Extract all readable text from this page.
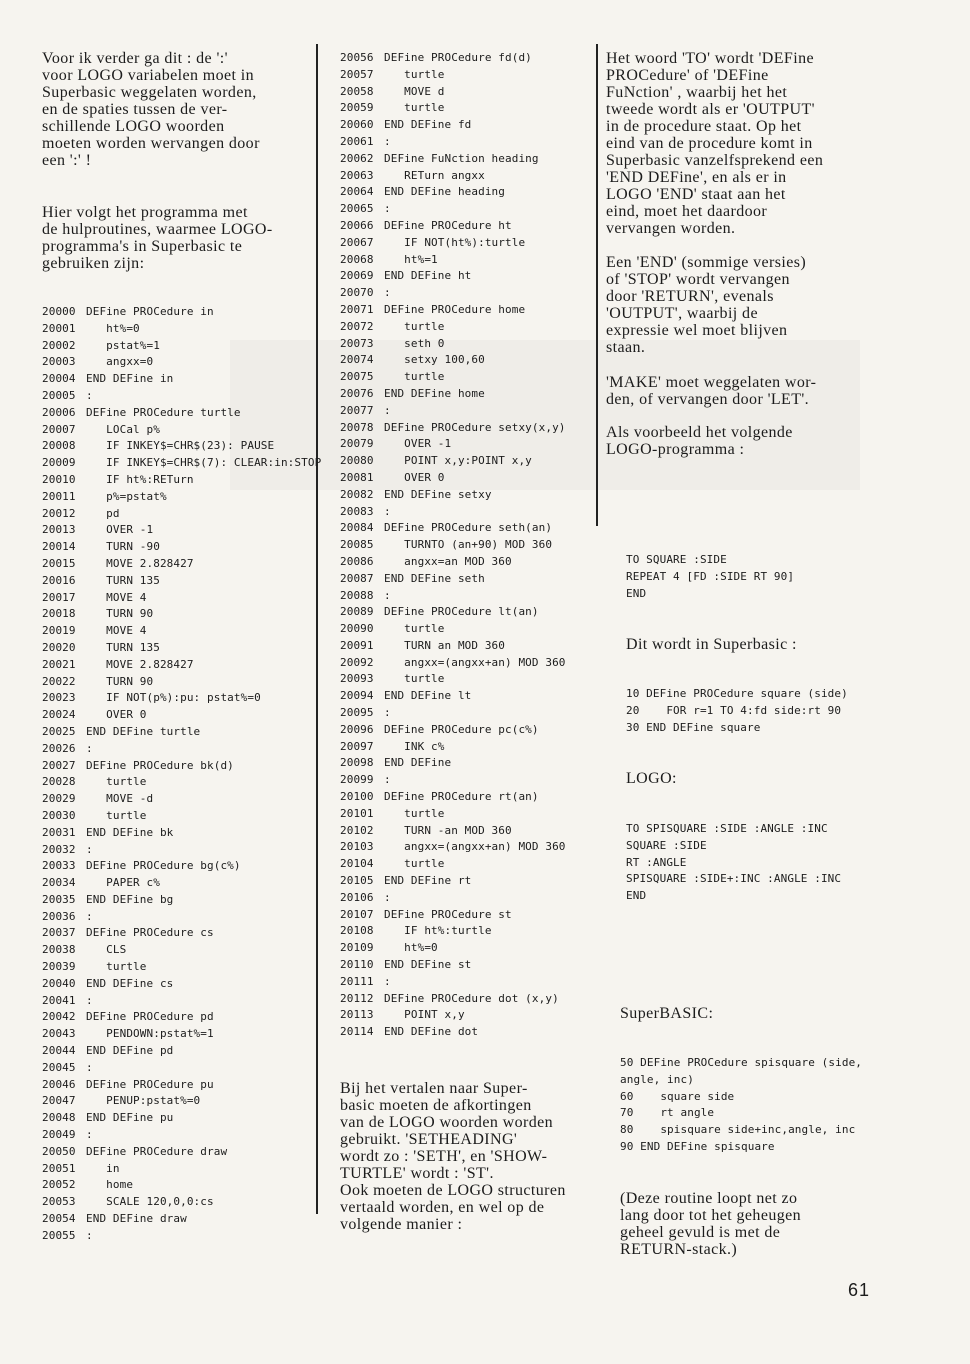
Voor ik verder ga dit : de ':'
voor LOGO variabelen moet in
Superbasic weggelaten worden,
en de spaties tussen de ver-
schillende LOGO woorden
moeten worden wervangen door
een ':' !
Hier volgt het programma met
de hulproutines, waarmee LOGO-
programma's in Superbasic te
gebruiken zijn:
20000 DEFine PROCedure in
20001   ht%=0
20002   pstat%=1
20003   angxx=0
20004 END DEFine in
20005 :
20006 DEFine PROCedure turtle
20007   LOCal p%
20008   IF INKEY$=CHR$(23): PAUSE
20009   IF INKEY$=CHR$(7): CLEAR:in:STOP
20010   IF ht%:RETurn
20011   p%=pstat%
20012   pd
20013   OVER -1
20014   TURN -90
20015   MOVE 2.828427
20016   TURN 135
20017   MOVE 4
20018   TURN 90
20019   MOVE 4
20020   TURN 135
20021   MOVE 2.828427
20022   TURN 90
20023   IF NOT(p%):pu: pstat%=0
20024   OVER 0
20025 END DEFine turtle
20026 :
20027 DEFine PROCedure bk(d)
20028   turtle
20029   MOVE -d
20030   turtle
20031 END DEFine bk
20032 :
20033 DEFine PROCedure bg(c%)
20034   PAPER c%
20035 END DEFine bg
20036 :
20037 DEFine PROCedure cs
20038   CLS
20039   turtle
20040 END DEFine cs
20041 :
20042 DEFine PROCedure pd
20043   PENDOWN:pstat%=1
20044 END DEFine pd
20045 :
20046 DEFine PROCedure pu
20047   PENUP:pstat%=0
20048 END DEFine pu
20049 :
20050 DEFine PROCedure draw
20051   in
20052   home
20053   SCALE 120,0,0:cs
20054 END DEFine draw
20055 :
20056 DEFine PROCedure fd(d)
20057   turtle
20058   MOVE d
20059   turtle
20060 END DEFine fd
20061 :
20062 DEFine FuNction heading
20063   RETurn angxx
20064 END DEFine heading
20065 :
20066 DEFine PROCedure ht
20067   IF NOT(ht%):turtle
20068   ht%=1
20069 END DEFine ht
20070 :
20071 DEFine PROCedure home
20072   turtle
20073   seth 0
20074   setxy 100,60
20075   turtle
20076 END DEFine home
20077 :
20078 DEFine PROCedure setxy(x,y)
20079   OVER -1
20080   POINT x,y:POINT x,y
20081   OVER 0
20082 END DEFine setxy
20083 :
20084 DEFine PROCedure seth(an)
20085   TURNTO (an+90) MOD 360
20086   angxx=an MOD 360
20087 END DEFine seth
20088 :
20089 DEFine PROCedure lt(an)
20090   turtle
20091   TURN an MOD 360
20092   angxx=(angxx+an) MOD 360
20093   turtle
20094 END DEFine lt
20095 :
20096 DEFine PROCedure pc(c%)
20097   INK c%
20098 END DEFine
20099 :
20100 DEFine PROCedure rt(an)
20101   turtle
20102   TURN -an MOD 360
20103   angxx=(angxx+an) MOD 360
20104   turtle
20105 END DEFine rt
20106 :
20107 DEFine PROCedure st
20108   IF ht%:turtle
20109   ht%=0
20110 END DEFine st
20111 :
20112 DEFine PROCedure dot (x,y)
20113   POINT x,y
20114 END DEFine dot
Bij het vertalen naar Super-
basic moeten de afkortingen
van de LOGO woorden worden
gebruikt. 'SETHEADING'
wordt zo : 'SETH', en 'SHOW-
TURTLE' wordt : 'ST'.
Ook moeten de LOGO structuren
vertaald worden, en wel op de
volgende manier :
Het woord 'TO' wordt 'DEFine
PROCedure' of 'DEFine
FuNction' , waarbij het het
tweede wordt als er 'OUTPUT'
in de procedure staat. Op het
eind van de procedure komt in
Superbasic vanzelfsprekend een
'END DEFine', en als er in
LOGO 'END' staat aan het
eind, moet het daardoor
vervangen worden.
Een 'END' (sommige versies)
of 'STOP' wordt vervangen
door 'RETURN', evenals
'OUTPUT', waarbij de
expressie wel moet blijven
staan.
'MAKE' moet weggelaten wor-
den, of vervangen door 'LET'.
Als voorbeeld het volgende
LOGO-programma :
TO SQUARE :SIDE
REPEAT 4 [FD :SIDE RT 90]
END
Dit wordt in Superbasic :
10 DEFine PROCedure square (side)
20    FOR r=1 TO 4:fd side:rt 90
30 END DEFine square
LOGO:
TO SPISQUARE :SIDE :ANGLE :INC
SQUARE :SIDE
RT :ANGLE
SPISQUARE :SIDE+:INC :ANGLE :INC
END
SuperBASIC:
50 DEFine PROCedure spisquare (side,
angle, inc)
60    square side
70    rt angle
80    spisquare side+inc,angle, inc
90 END DEFine spisquare
(Deze routine loopt net zo
lang door tot het geheugen
geheel gevuld is met de
RETURN-stack.)
61
